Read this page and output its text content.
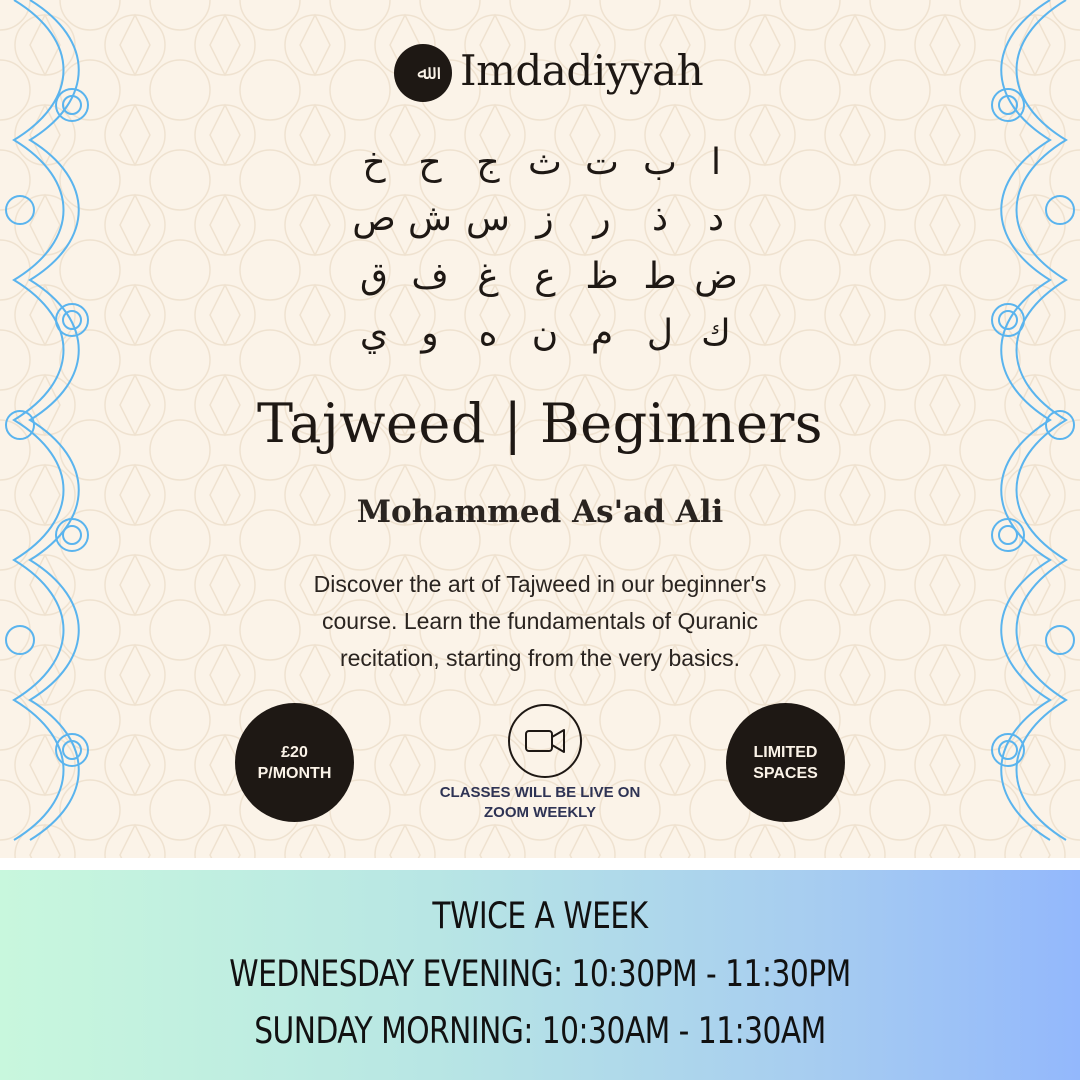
ﷲ Imdadiyyah
ا
ب
ت
ث
ج
ح
خ
د
ذ
ر
ز
س
ش
ص
ض
ط
ظ
ع
غ
ف
ق
ك
ل
م
ن
ه
و
ي
Tajweed | Beginners
Mohammed As'ad Ali

Discover the art of Tajweed in our beginner's

course. Learn the fundamentals of Quranic

recitation, starting from the very basics.

£20
P/MONTH
CLASSES WILL BE LIVE ON
ZOOM WEEKLY
LIMITED
SPACES
TWICE A WEEK
WEDNESDAY EVENING: 10:30PM - 11:30PM
SUNDAY MORNING: 10:30AM - 11:30AM
